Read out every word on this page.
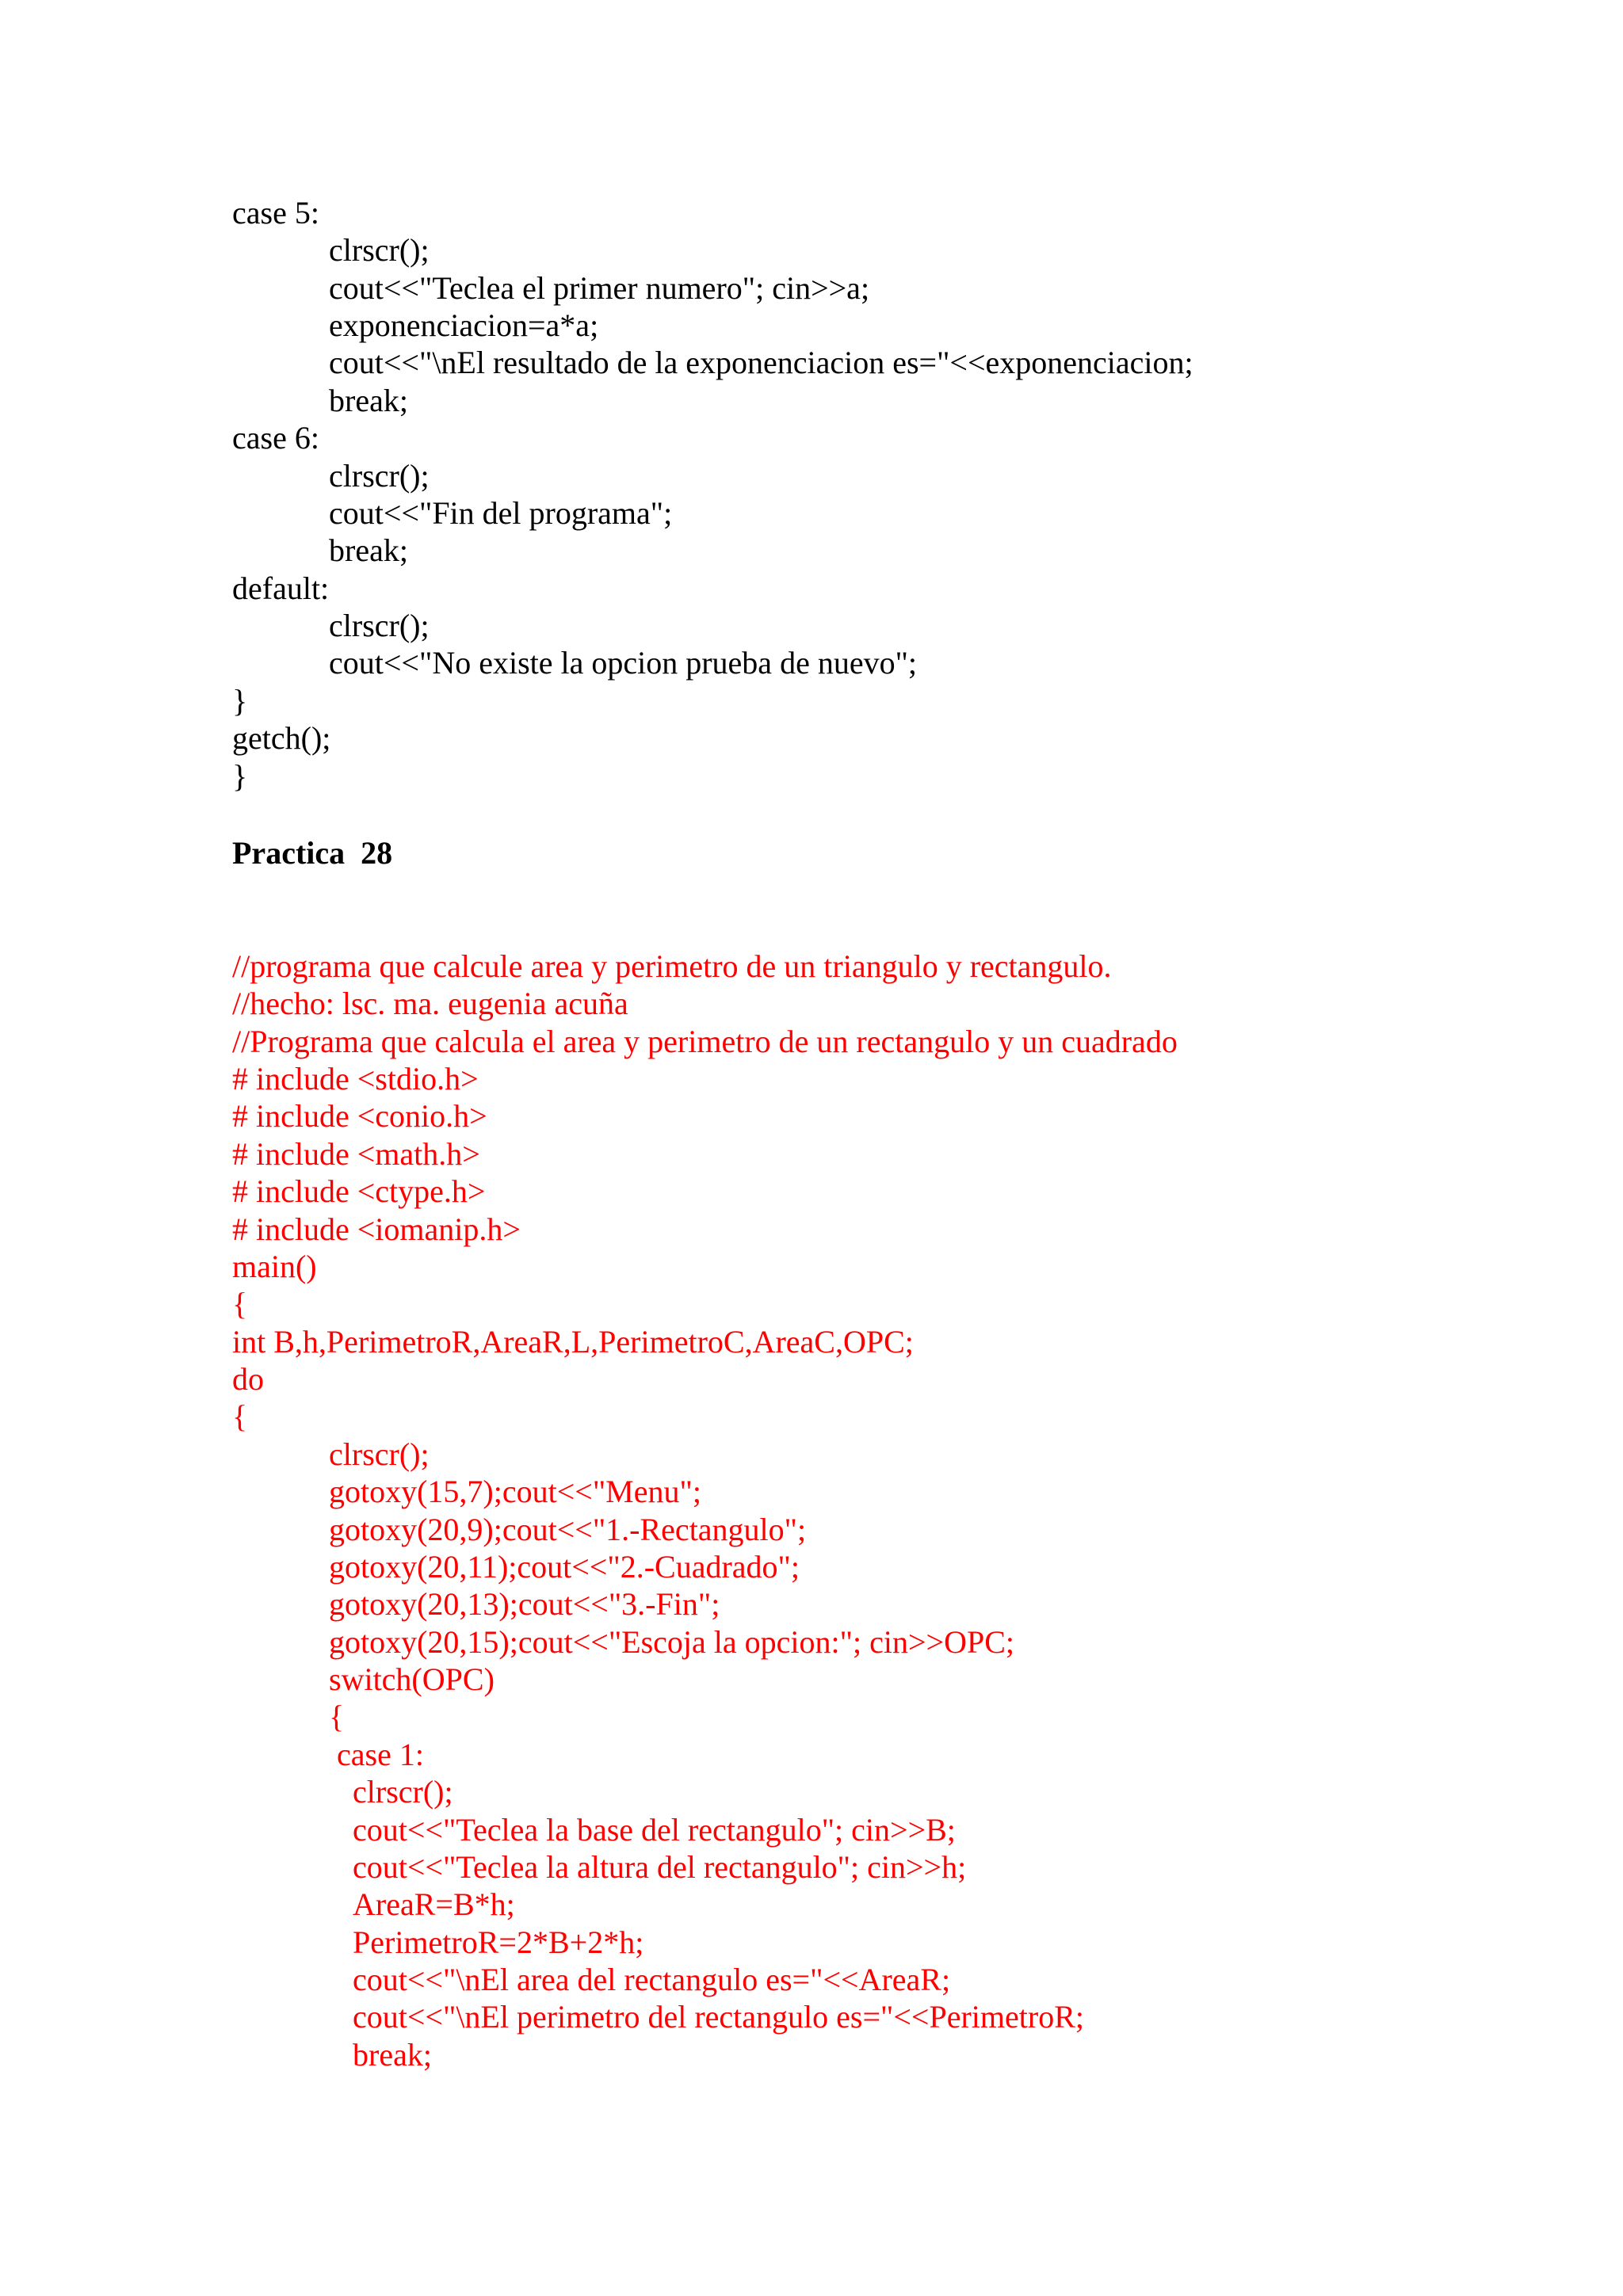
case 5:
clrscr();
cout<<"Teclea el primer numero"; cin>>a;
exponenciacion=a*a;
cout<<"\nEl resultado de la exponenciacion es="<<exponenciacion;
break;
case 6:
clrscr();
cout<<"Fin del programa";
break;
default:
clrscr();
cout<<"No existe la opcion prueba de nuevo";
}
getch();
}
Practica  28
//programa que calcule area y perimetro de un triangulo y rectangulo.
//hecho: lsc. ma. eugenia acuña
//Programa que calcula el area y perimetro de un rectangulo y un cuadrado
# include <stdio.h>
# include <conio.h>
# include <math.h>
# include <ctype.h>
# include <iomanip.h>
main()
{
int B,h,PerimetroR,AreaR,L,PerimetroC,AreaC,OPC;
do
{
clrscr();
gotoxy(15,7);cout<<"Menu";
gotoxy(20,9);cout<<"1.-Rectangulo";
gotoxy(20,11);cout<<"2.-Cuadrado";
gotoxy(20,13);cout<<"3.-Fin";
gotoxy(20,15);cout<<"Escoja la opcion:"; cin>>OPC;
switch(OPC)
{
case 1:
clrscr();
cout<<"Teclea la base del rectangulo"; cin>>B;
cout<<"Teclea la altura del rectangulo"; cin>>h;
AreaR=B*h;
PerimetroR=2*B+2*h;
cout<<"\nEl area del rectangulo es="<<AreaR;
cout<<"\nEl perimetro del rectangulo es="<<PerimetroR;
break;
